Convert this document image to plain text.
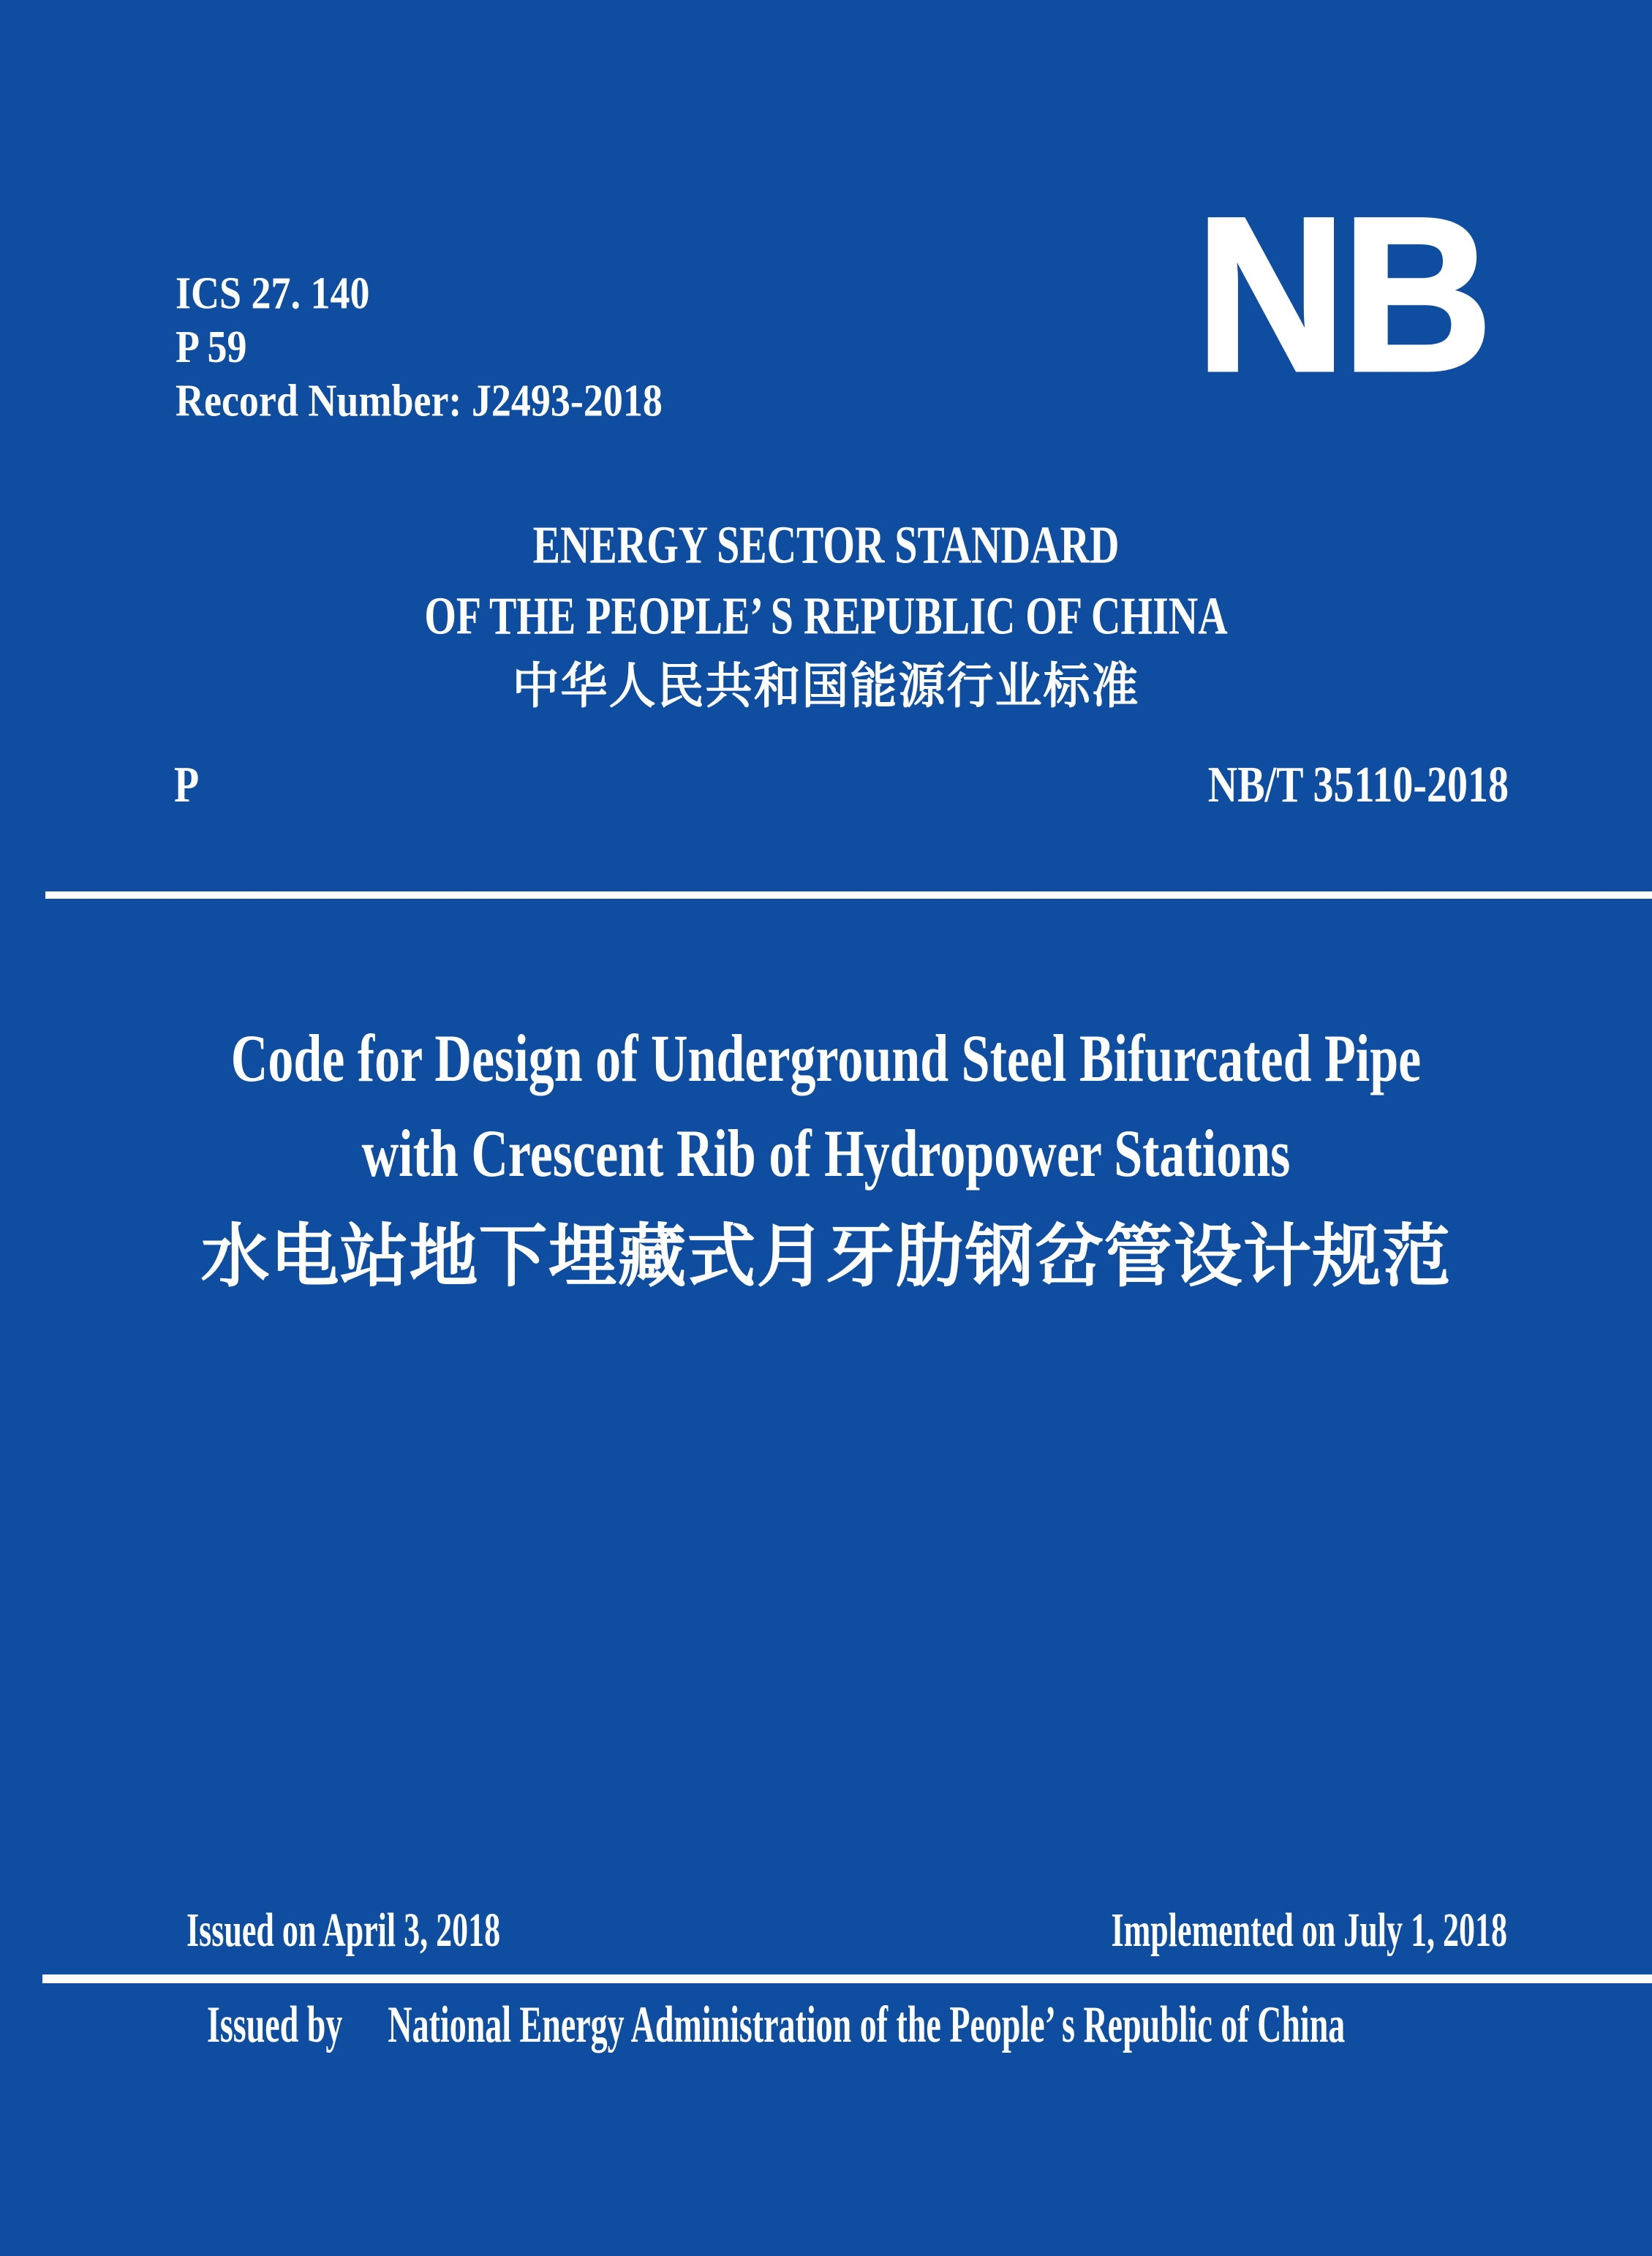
ICS 27. 140
P 59
Record Number: J2493-2018 NB
ENERGY SECTOR STANDARD
OF THE PEOPLE’ S REPUBLIC OF CHINA
中华人民共和国能源行业标准
P	NB/T 35110-2018
Code for Design of Underground Steel Bifurcated Pipe
with Crescent Rib of Hydropower Stations
水电站地下埋藏式月牙肋钢岔管设计规范
Issued on April 3, 2018	Implemented on July 1, 2018
Issued by National Energy Administration of the People’ s Republic of China
